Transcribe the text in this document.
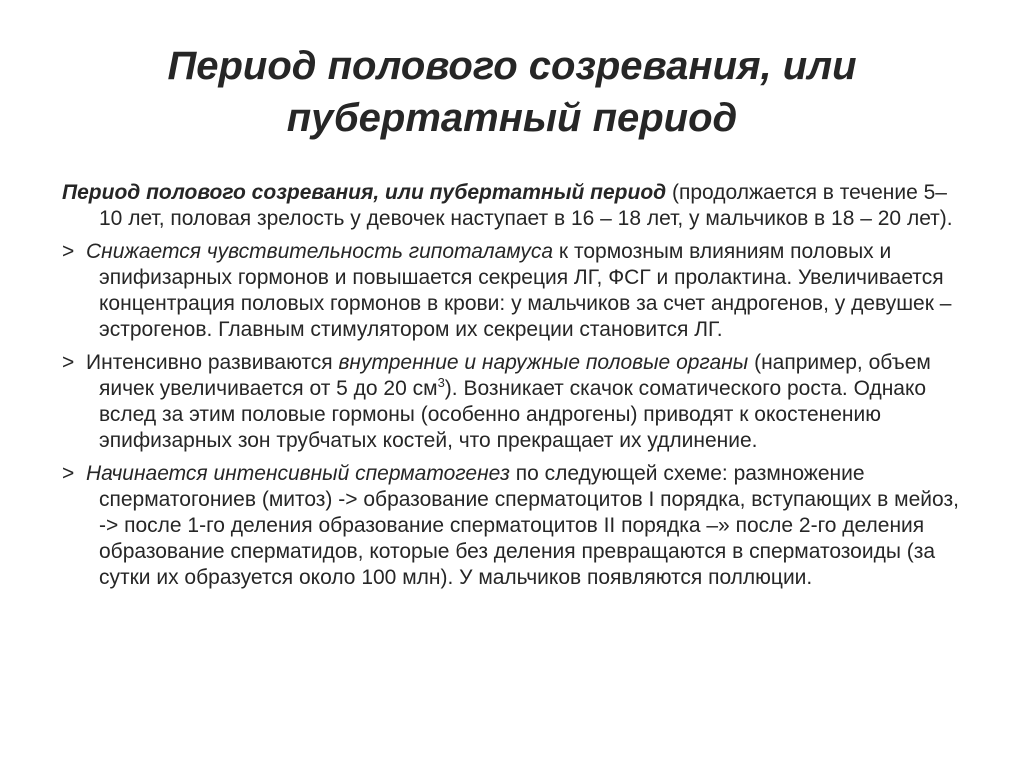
Период полового созревания, или
пубертатный период

Период полового созревания, или пубертатный период (продолжается в течение 5–10 лет, половая зрелость у девочек наступает в 16 – 18 лет, у мальчиков в 18 – 20 лет).

> Снижается чувствительность гипоталамуса к тормозным влияниям половых и эпифизарных гормонов и повышается секреция ЛГ, ФСГ и пролактина. Увеличивается концентрация половых гормонов в крови: у мальчиков за счет андрогенов, у девушек – эстрогенов. Главным стимулятором их секреции становится ЛГ.

> Интенсивно развиваются внутренние и наружные половые органы (например, объем яичек увеличивается от 5 до 20 $см^3$). Возникает скачок соматического роста. Однако вслед за этим половые гормоны (особенно андрогены) приводят к окостенению эпифизарных зон трубчатых костей, что прекращает их удлинение.

> Начинается интенсивный сперматогенез по следующей схеме: размножение сперматогониев (митоз) -> образование сперматоцитов I порядка, вступающих в мейоз, -> после 1-го деления образование сперматоцитов II порядка –» после 2-го деления образование сперматидов, которые без деления превращаются в сперматозоиды (за сутки их образуется около 100 млн). У мальчиков появляются поллюции.
